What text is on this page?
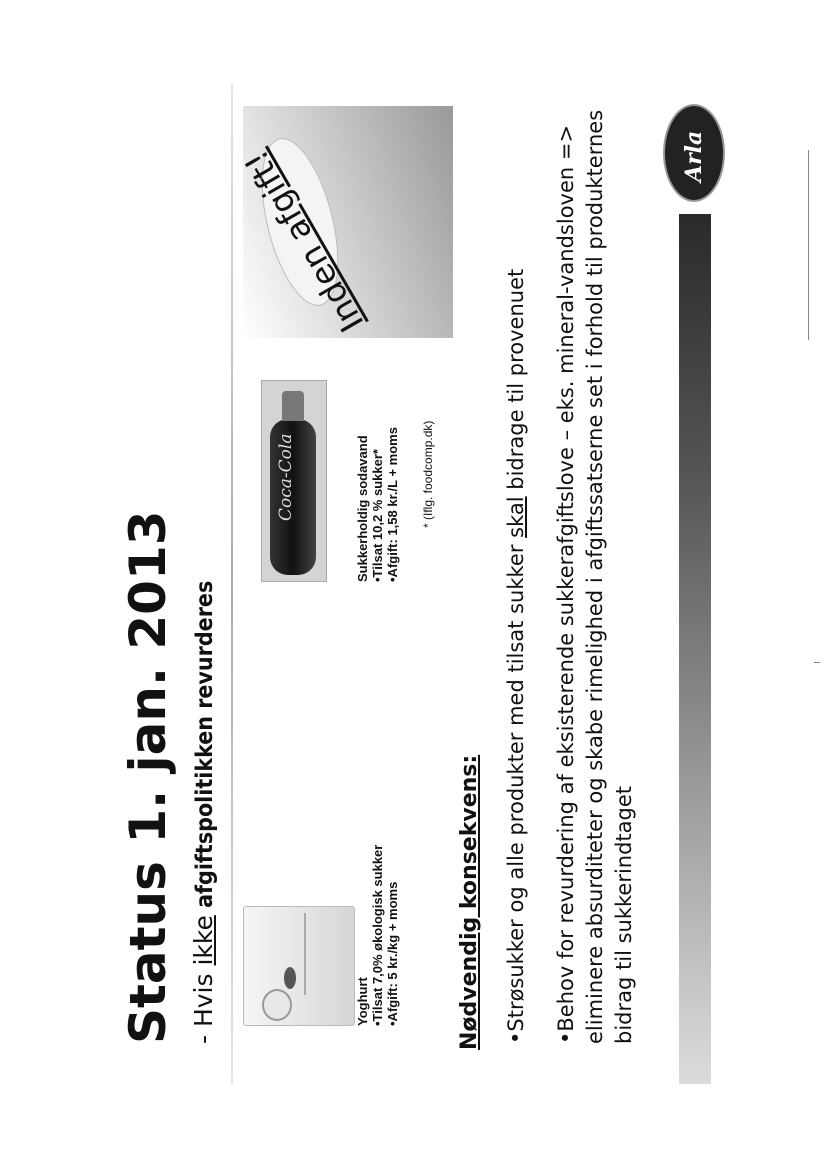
Status 1. jan. 2013 - Hvis ikke afgiftspolitikken revurderes
Yoghurt •Tilsat 7,0% økologisk sukker •Afgift: 5 kr./kg + moms
Coca-Cola	Sukkerholdig sodavand •Tilsat 10,2 % sukker* •Afgift: 1,58 kr./L + moms * (Iflg. foodcomp.dk)
Inden afgift!
Nødvendig konsekvens: •Strøsukker og alle produkter med tilsat sukker skal bidrage til provenuet •Behov for revurdering af eksisterende sukkerafgiftslove – eks. mineral-vandsloven => eliminere absurditeter og skabe rimelighed i afgiftssatserne set i forhold til produkternes bidrag til sukkerindtaget
Arla
